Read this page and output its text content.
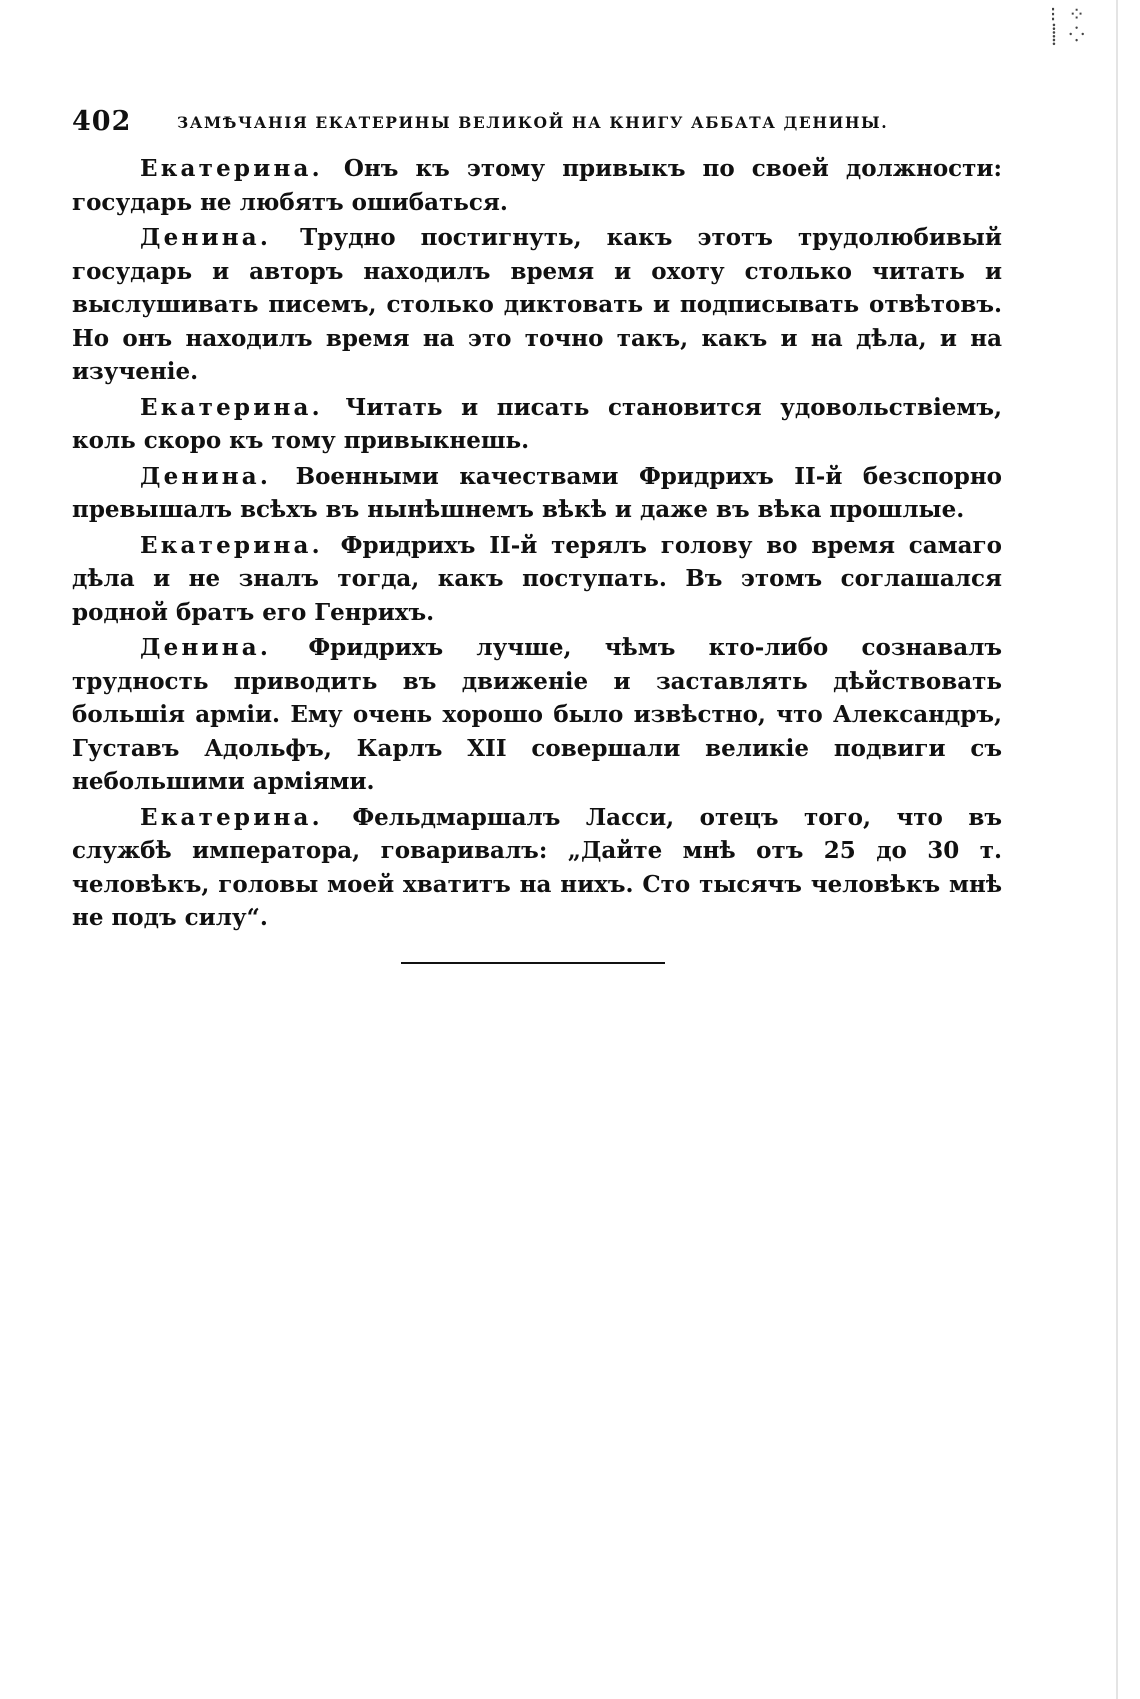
⁝ ⁘
⸽ ⁘
402	ЗАМѢЧАНІЯ ЕКАТЕРИНЫ ВЕЛИКОЙ НА КНИГУ АББАТА ДЕНИНЫ.

Екатерина. Онъ къ этому привыкъ по своей должности: государь не любятъ ошибаться.

Денина. Трудно постигнуть, какъ этотъ трудолюбивый государь и авторъ находилъ время и охоту столько читать и выслушивать писемъ, столько диктовать и подписывать отвѣтовъ. Но онъ находилъ время на это точно такъ, какъ и на дѣла, и на изученіе.

Екатерина. Читать и писать становится удовольствіемъ, коль скоро къ тому привыкнешь.

Денина. Военными качествами Фридрихъ II-й безспорно превышалъ всѣхъ въ нынѣшнемъ вѣкѣ и даже въ вѣка прошлые.

Екатерина. Фридрихъ II-й терялъ голову во время самаго дѣла и не зналъ тогда, какъ поступать. Въ этомъ соглашался родной братъ его Генрихъ.

Денина. Фридрихъ лучше, чѣмъ кто-либо сознавалъ трудность приводить въ движеніе и заставлять дѣйствовать большія арміи. Ему очень хорошо было извѣстно, что Александръ, Густавъ Адольфъ, Карлъ XII совершали великіе подвиги съ небольшими арміями.

Екатерина. Фельдмаршалъ Ласси, отецъ того, что въ службѣ императора, говаривалъ: „Дайте мнѣ отъ 25 до 30 т. человѣкъ, головы моей хватитъ на нихъ. Сто тысячъ человѣкъ мнѣ не подъ силу“.
